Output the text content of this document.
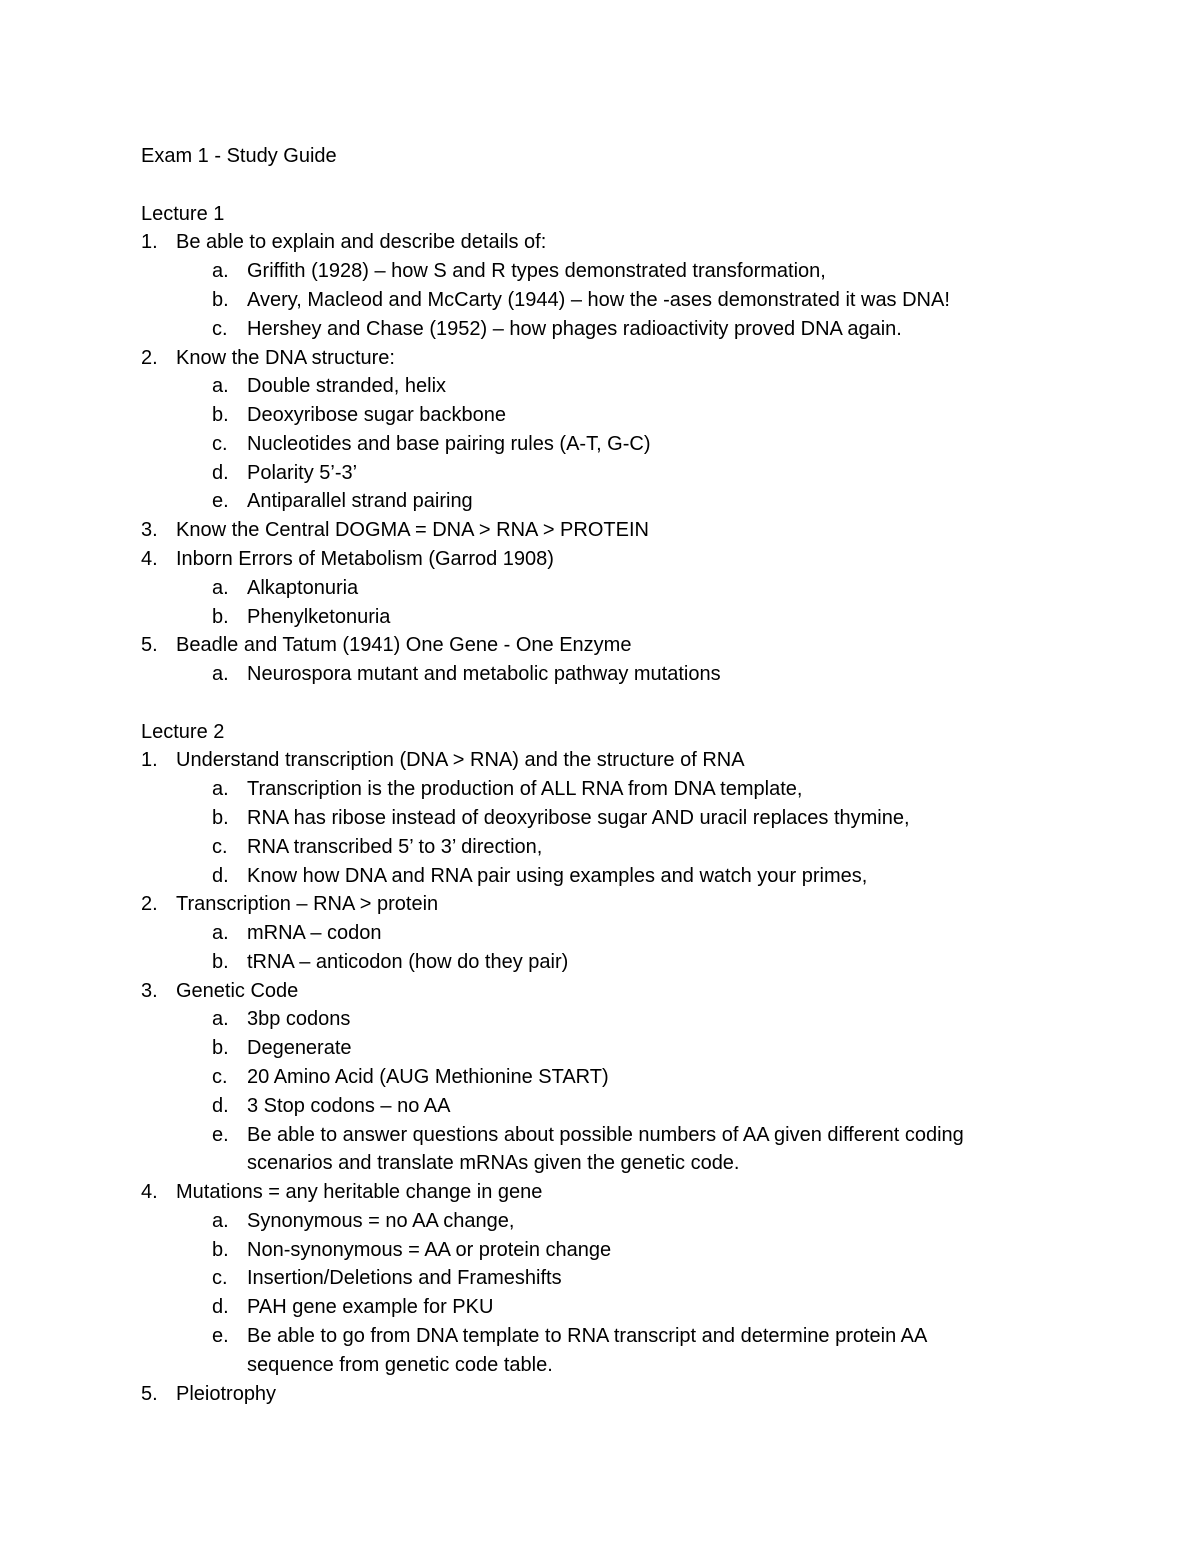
Exam 1 - Study Guide
Lecture 1
1. Be able to explain and describe details of:
a. Griffith (1928) – how S and R types demonstrated transformation,
b. Avery, Macleod and McCarty (1944) – how the -ases demonstrated it was DNA!
c. Hershey and Chase (1952) – how phages radioactivity proved DNA again.
2. Know the DNA structure:
a. Double stranded, helix
b. Deoxyribose sugar backbone
c. Nucleotides and base pairing rules (A-T, G-C)
d. Polarity 5’-3’
e. Antiparallel strand pairing
3. Know the Central DOGMA = DNA > RNA > PROTEIN
4. Inborn Errors of Metabolism (Garrod 1908)
a. Alkaptonuria
b. Phenylketonuria
5. Beadle and Tatum (1941) One Gene - One Enzyme
a. Neurospora mutant and metabolic pathway mutations
Lecture 2
1. Understand transcription (DNA > RNA) and the structure of RNA
a. Transcription is the production of ALL RNA from DNA template,
b. RNA has ribose instead of deoxyribose sugar AND uracil replaces thymine,
c. RNA transcribed 5’ to 3’ direction,
d. Know how DNA and RNA pair using examples and watch your primes,
2. Transcription – RNA > protein
a. mRNA – codon
b. tRNA – anticodon (how do they pair)
3. Genetic Code
a. 3bp codons
b. Degenerate
c. 20 Amino Acid (AUG Methionine START)
d. 3 Stop codons – no AA
e. Be able to answer questions about possible numbers of AA given different coding
scenarios and translate mRNAs given the genetic code.
4. Mutations = any heritable change in gene
a. Synonymous = no AA change,
b. Non-synonymous = AA or protein change
c. Insertion/Deletions and Frameshifts
d. PAH gene example for PKU
e. Be able to go from DNA template to RNA transcript and determine protein AA
sequence from genetic code table.
5. Pleiotrophy
